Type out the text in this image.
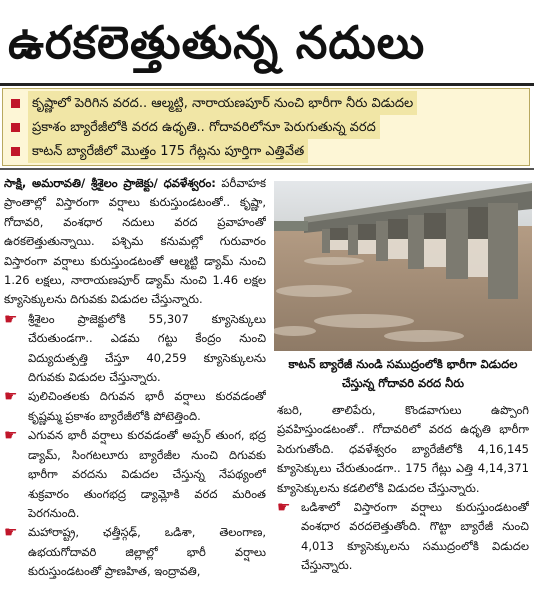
ఉరకలెత్తుతున్న నదులు
కృష్ణాలో పెరిగిన వరద.. ఆల్మట్టి, నారాయణపూర్ నుంచి భారీగా నీరు విడుదల
ప్రకాశం బ్యారేజీలోకి వరద ఉధృతి.. గోదావరిలోనూ పెరుగుతున్న వరద
కాటన్ బ్యారేజీలో మొత్తం 175 గేట్లను పూర్తిగా ఎత్తివేత

సాక్షి, అమరావతి/ శ్రీశైలం ప్రాజెక్టు/ ధవళేశ్వరం: పరీవాహక ప్రాంతాల్లో విస్తారంగా వర్షాలు కురుస్తుండటంతో.. కృష్ణా, గోదావరి, వంశధార నదులు వరద ప్రవాహంతో ఉరకలెత్తుతున్నాయి. పశ్చిమ కనుమల్లో గురువారం విస్తారంగా వర్షాలు కురుస్తుండటంతో ఆల్మట్టి డ్యామ్ నుంచి 1.26 లక్షలు, నారాయణపూర్ డ్యామ్ నుంచి 1.46 లక్షల క్యూసెక్కులను దిగువకు విడుదల చేస్తున్నారు.

☛ శ్రీశైలం ప్రాజెక్టులోకి 55,307 క్యూసెక్కులు చేరుతుండగా.. ఎడమ గట్టు కేంద్రం నుంచి విద్యుదుత్పత్తి చేస్తూ 40,259 క్యూసెక్కులను దిగువకు విడుదల చేస్తున్నారు.

☛ పులిచింతలకు దిగువన భారీ వర్షాలు కురవడంతో కృష్ణమ్మ ప్రకాశం బ్యారేజీలోకి పోటెత్తింది.

☛ ఎగువన భారీ వర్షాలు కురవడంతో అప్పర్ తుంగ, భద్ర డ్యామ్, సింగటలూరు బ్యారేజీల నుంచి దిగువకు భారీగా వరదను విడుదల చేస్తున్న నేపథ్యంలో శుక్రవారం తుంగభద్ర డ్యామ్లోకి వరద మరింత పెరగనుంది.

☛ మహారాష్ట్ర, ఛత్తీస్గఢ్, ఒడిశా, తెలంగాణ, ఉభయగోదావరి జిల్లాల్లో భారీ వర్షాలు కురుస్తుండటంతో ప్రాణహిత, ఇంద్రావతి,

కాటన్ బ్యారేజీ నుండి సముద్రంలోకి భారీగా విడుదల చేస్తున్న గోదావరి వరద నీరు

శబరి, తాలిపేరు, కొండవాగులు ఉప్పొంగి ప్రవహిస్తుండటంతో.. గోదావరిలో వరద ఉధృతి భారీగా పెరుగుతోంది. ధవళేశ్వరం బ్యారేజీలోకి 4,16,145 క్యూసెక్కులు చేరుతుండగా.. 175 గేట్లు ఎత్తి 4,14,371 క్యూసెక్కులను కడలిలోకి విడుదల చేస్తున్నారు.

☛ ఒడిశాలో విస్తారంగా వర్షాలు కురుస్తుండటంతో వంశధార వరదలెత్తుతోంది. గొట్టా బ్యారేజీ నుంచి 4,013 క్యూసెక్కులను సముద్రంలోకి విడుదల చేస్తున్నారు.
